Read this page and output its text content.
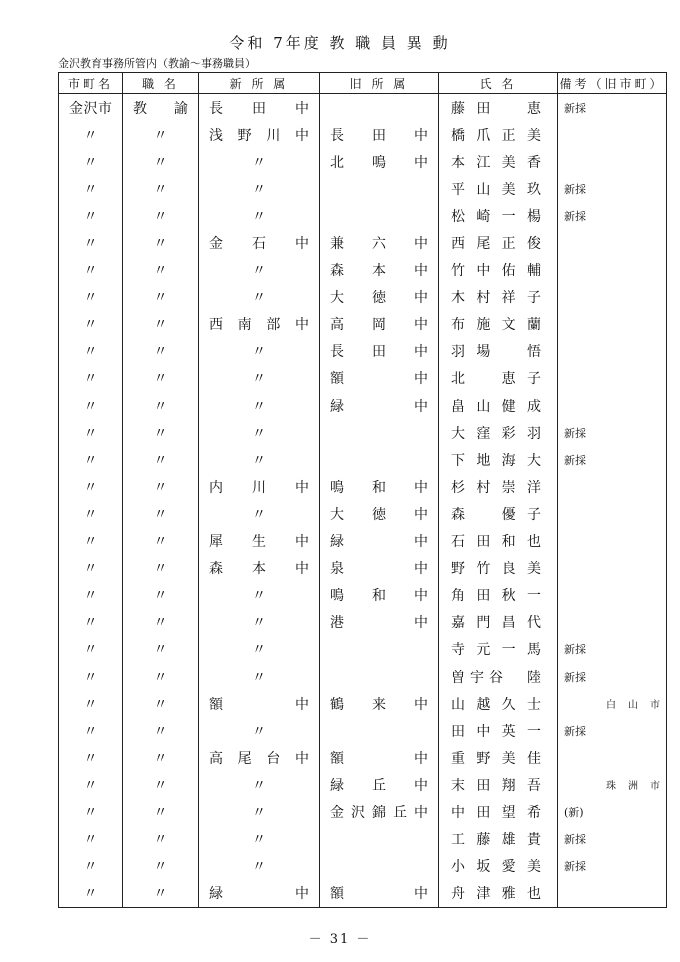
令和 7年度 教 職 員 異 動
金沢教育事務所管内（教諭～事務職員）
市町名	職 名	新 所 属	旧 所 属	氏 名	備考（旧市町）
金沢市	教諭	長田中		藤田　恵	新採
〃	〃	浅野川中	長田中	橋爪正美	
〃	〃	〃	北鳴中	本江美香	
〃	〃	〃		平山美玖	新採
〃	〃	〃		松崎一楊	新採
〃	〃	金石中	兼六中	西尾正俊	
〃	〃	〃	森本中	竹中佑輔	
〃	〃	〃	大徳中	木村祥子	
〃	〃	西南部中	高岡中	布施文蘭	
〃	〃	〃	長田中	羽場　悟	
〃	〃	〃	額中	北　恵子	
〃	〃	〃	緑中	畠山健成	
〃	〃	〃		大窪彩羽	新採
〃	〃	〃		下地海大	新採
〃	〃	内川中	鳴和中	杉村崇洋	
〃	〃	〃	大徳中	森　優子	
〃	〃	犀生中	緑中	石田和也	
〃	〃	森本中	泉中	野竹良美	
〃	〃	〃	鳴和中	角田秋一	
〃	〃	〃	港中	嘉門昌代	
〃	〃	〃		寺元一馬	新採
〃	〃	〃		曽宇谷　陸	新採
〃	〃	額中	鶴来中	山越久士	白山市
〃	〃	〃		田中英一	新採
〃	〃	高尾台中	額中	重野美佳	
〃	〃	〃	緑丘中	末田翔吾	珠洲市
〃	〃	〃	金沢錦丘中	中田望希	(新)
〃	〃	〃		工藤雄貴	新採
〃	〃	〃		小坂愛美	新採
〃	〃	緑中	額中	舟津雅也	
－ 31 －
